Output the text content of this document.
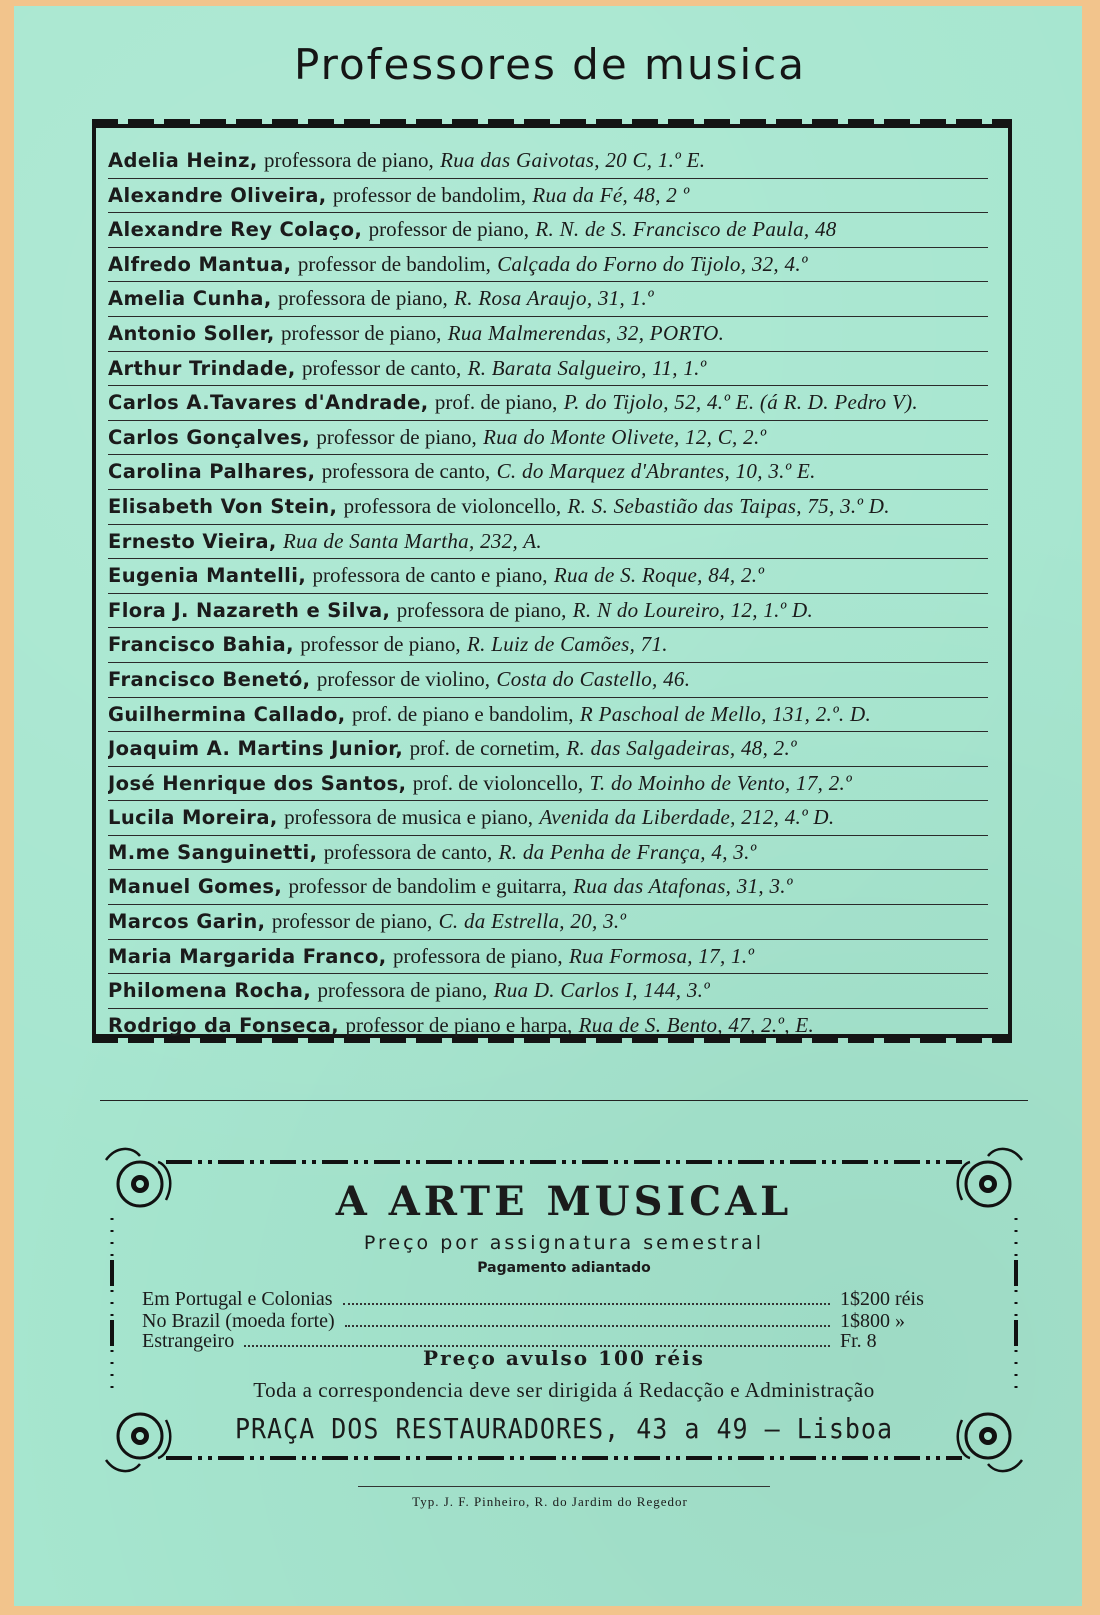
Professores de musica
Adelia Heinz, professora de piano, Rua das Gaivotas, 20 C, 1.º E.
Alexandre Oliveira, professor de bandolim, Rua da Fé, 48, 2 º
Alexandre Rey Colaço, professor de piano, R. N. de S. Francisco de Paula, 48
Alfredo Mantua, professor de bandolim, Calçada do Forno do Tijolo, 32, 4.º
Amelia Cunha, professora de piano, R. Rosa Araujo, 31, 1.º
Antonio Soller, professor de piano, Rua Malmerendas, 32, PORTO.
Arthur Trindade, professor de canto, R. Barata Salgueiro, 11, 1.º
Carlos A.Tavares d'Andrade, prof. de piano, P. do Tijolo, 52, 4.º E. (á R. D. Pedro V).
Carlos Gonçalves, professor de piano, Rua do Monte Olivete, 12, C, 2.º
Carolina Palhares, professora de canto, C. do Marquez d'Abrantes, 10, 3.º E.
Elisabeth Von Stein, professora de violoncello, R. S. Sebastião das Taipas, 75, 3.º D.
Ernesto Vieira, Rua de Santa Martha, 232, A.
Eugenia Mantelli, professora de canto e piano, Rua de S. Roque, 84, 2.º
Flora J. Nazareth e Silva, professora de piano, R. N do Loureiro, 12, 1.º D.
Francisco Bahia, professor de piano, R. Luiz de Camões, 71.
Francisco Benetó, professor de violino, Costa do Castello, 46.
Guilhermina Callado, prof. de piano e bandolim, R Paschoal de Mello, 131, 2.º. D.
Joaquim A. Martins Junior, prof. de cornetim, R. das Salgadeiras, 48, 2.º
José Henrique dos Santos, prof. de violoncello, T. do Moinho de Vento, 17, 2.º
Lucila Moreira, professora de musica e piano, Avenida da Liberdade, 212, 4.º D.
M.me Sanguinetti, professora de canto, R. da Penha de França, 4, 3.º
Manuel Gomes, professor de bandolim e guitarra, Rua das Atafonas, 31, 3.º
Marcos Garin, professor de piano, C. da Estrella, 20, 3.º
Maria Margarida Franco, professora de piano, Rua Formosa, 17, 1.º
Philomena Rocha, professora de piano, Rua D. Carlos I, 144, 3.º
Rodrigo da Fonseca, professor de piano e harpa, Rua de S. Bento, 47, 2.º, E.
A ARTE MUSICAL
Preço por assignatura semestral
Pagamento adiantado
Em Portugal e Colonias	1$200 réis
No Brazil (moeda forte)	1$800 »
Estrangeiro	Fr. 8
Preço avulso 100 réis
Toda a correspondencia deve ser dirigida á Redacção e Administração
PRAÇA DOS RESTAURADORES, 43 a 49 — Lisboa
Typ. J. F. Pinheiro, R. do Jardim do Regedor
